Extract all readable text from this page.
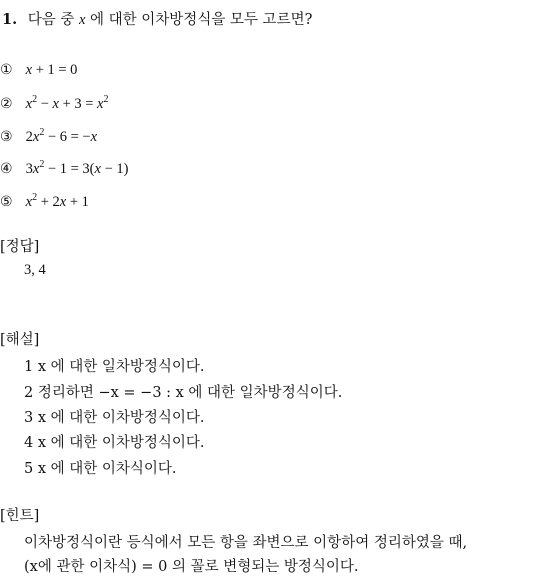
1. 다음 중 x 에 대한 이차방정식을 모두 고르면?
① x + 1 = 0
② $x^2 - x + 3 = x^2$
③ $2x^2 - 6 = -x$
④ $3x^2 - 1 = 3(x - 1)$
⑤ $x^2 + 2x + 1$
[정답]
3, 4
[해설]
1 x 에 대한 일차방정식이다.
2 정리하면 −x = −3 : x 에 대한 일차방정식이다.
3 x 에 대한 이차방정식이다.
4 x 에 대한 이차방정식이다.
5 x 에 대한 이차식이다.
[힌트]
이차방정식이란 등식에서 모든 항을 좌변으로 이항하여 정리하였을 때,
(x에 관한 이차식) = 0 의 꼴로 변형되는 방정식이다.
